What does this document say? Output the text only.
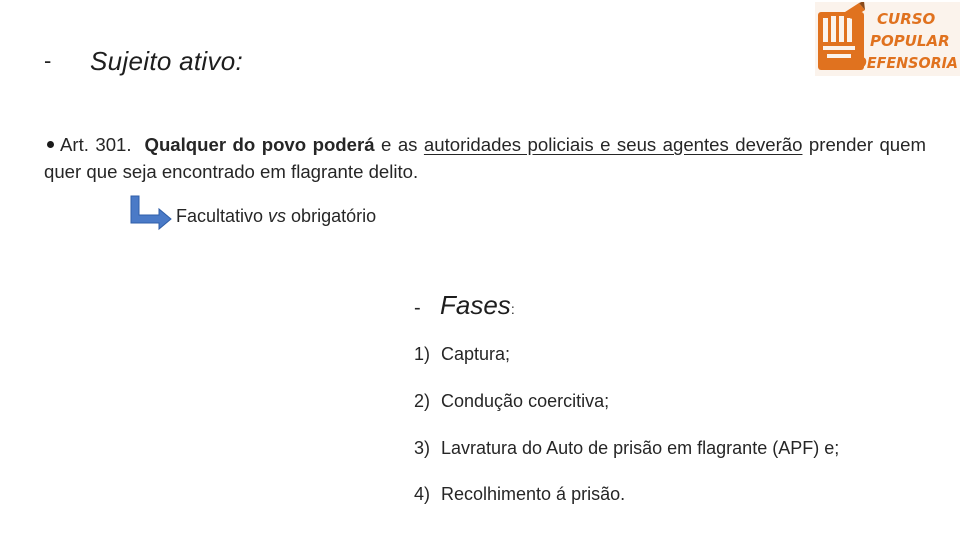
-	Sujeito ativo:
CURSO
POPULAR
DEFENSORIA
Art. 301. Qualquer do povo poderá e as autoridades policiais e seus agentes deverão prender quem quer que seja encontrado em flagrante delito.
Facultativo vs obrigatório
- Fases :
1) Captura;
2) Condução coercitiva;
3) Lavratura do Auto de prisão em flagrante (APF) e;
4) Recolhimento á prisão.
